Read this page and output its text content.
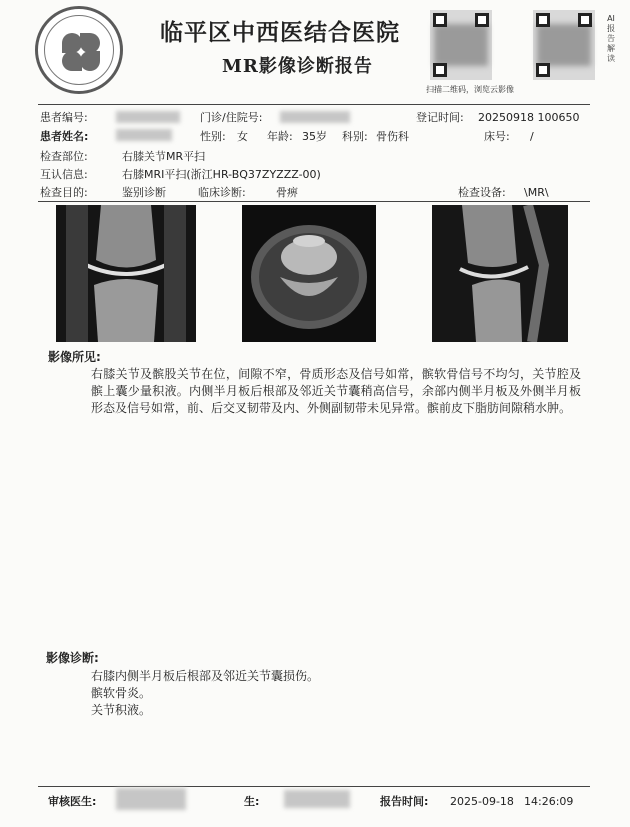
临平区中西医结合医院
MR影像诊断报告
扫描二维码，浏览云影像
AI报告解读
患者编号:	门诊/住院号:	登记时间: 20250918 100650
患者姓名:	性别: 女 年龄: 35岁 科别: 骨伤科	床号: /
检查部位:	右膝关节MR平扫
互认信息:	右膝MRI平扫(浙江HR-BQ37ZYZZZ-00)
检查目的:	鉴别诊断	临床诊断:	骨痹	检查设备: \MR\
影像所见:
右膝关节及髌股关节在位，间隙不窄，骨质形态及信号如常，髌软骨信号不均匀，关节腔及髌上囊少量积液。内侧半月板后根部及邻近关节囊稍高信号，余部内侧半月板及外侧半月板形态及信号如常，前、后交叉韧带及内、外侧副韧带未见异常。髌前皮下脂肪间隙稍水肿。
影像诊断:
右膝内侧半月板后根部及邻近关节囊损伤。
髌软骨炎。
关节积液。
审核医生:	生:	报告时间: 2025-09-18 14:26:09
